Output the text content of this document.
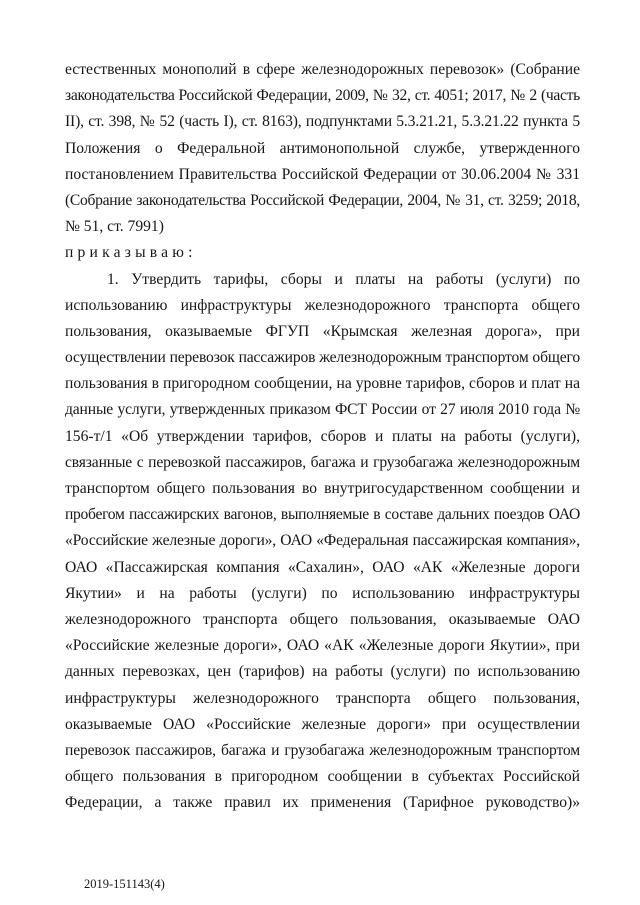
естественных монополий в сфере железнодорожных перевозок» (Собрание
законодательства Российской Федерации, 2009, № 32, ст. 4051; 2017, № 2 (часть
II), ст. 398, № 52 (часть I), ст. 8163), подпунктами 5.3.21.21, 5.3.21.22 пункта 5
Положения о Федеральной антимонопольной службе, утвержденного
постановлением Правительства Российской Федерации от 30.06.2004 № 331
(Собрание законодательства Российской Федерации, 2004, № 31, ст. 3259; 2018,
№ 51, ст. 7991)
приказываю:
1. Утвердить тарифы, сборы и платы на работы (услуги) по
использованию инфраструктуры железнодорожного транспорта общего
пользования, оказываемые ФГУП «Крымская железная дорога», при
осуществлении перевозок пассажиров железнодорожным транспортом общего
пользования в пригородном сообщении, на уровне тарифов, сборов и плат на
данные услуги, утвержденных приказом ФСТ России от 27 июля 2010 года №
156-т/1 «Об утверждении тарифов, сборов и платы на работы (услуги),
связанные с перевозкой пассажиров, багажа и грузобагажа железнодорожным
транспортом общего пользования во внутригосударственном сообщении и
пробегом пассажирских вагонов, выполняемые в составе дальних поездов ОАО
«Российские железные дороги», ОАО «Федеральная пассажирская компания»,
ОАО «Пассажирская компания «Сахалин», ОАО «АК «Железные дороги
Якутии» и на работы (услуги) по использованию инфраструктуры
железнодорожного транспорта общего пользования, оказываемые ОАО
«Российские железные дороги», ОАО «АК «Железные дороги Якутии», при
данных перевозках, цен (тарифов) на работы (услуги) по использованию
инфраструктуры железнодорожного транспорта общего пользования,
оказываемые ОАО «Российские железные дороги» при осуществлении
перевозок пассажиров, багажа и грузобагажа железнодорожным транспортом
общего пользования в пригородном сообщении в субъектах Российской
Федерации, а также правил их применения (Тарифное руководство)»
2019-151143(4)
